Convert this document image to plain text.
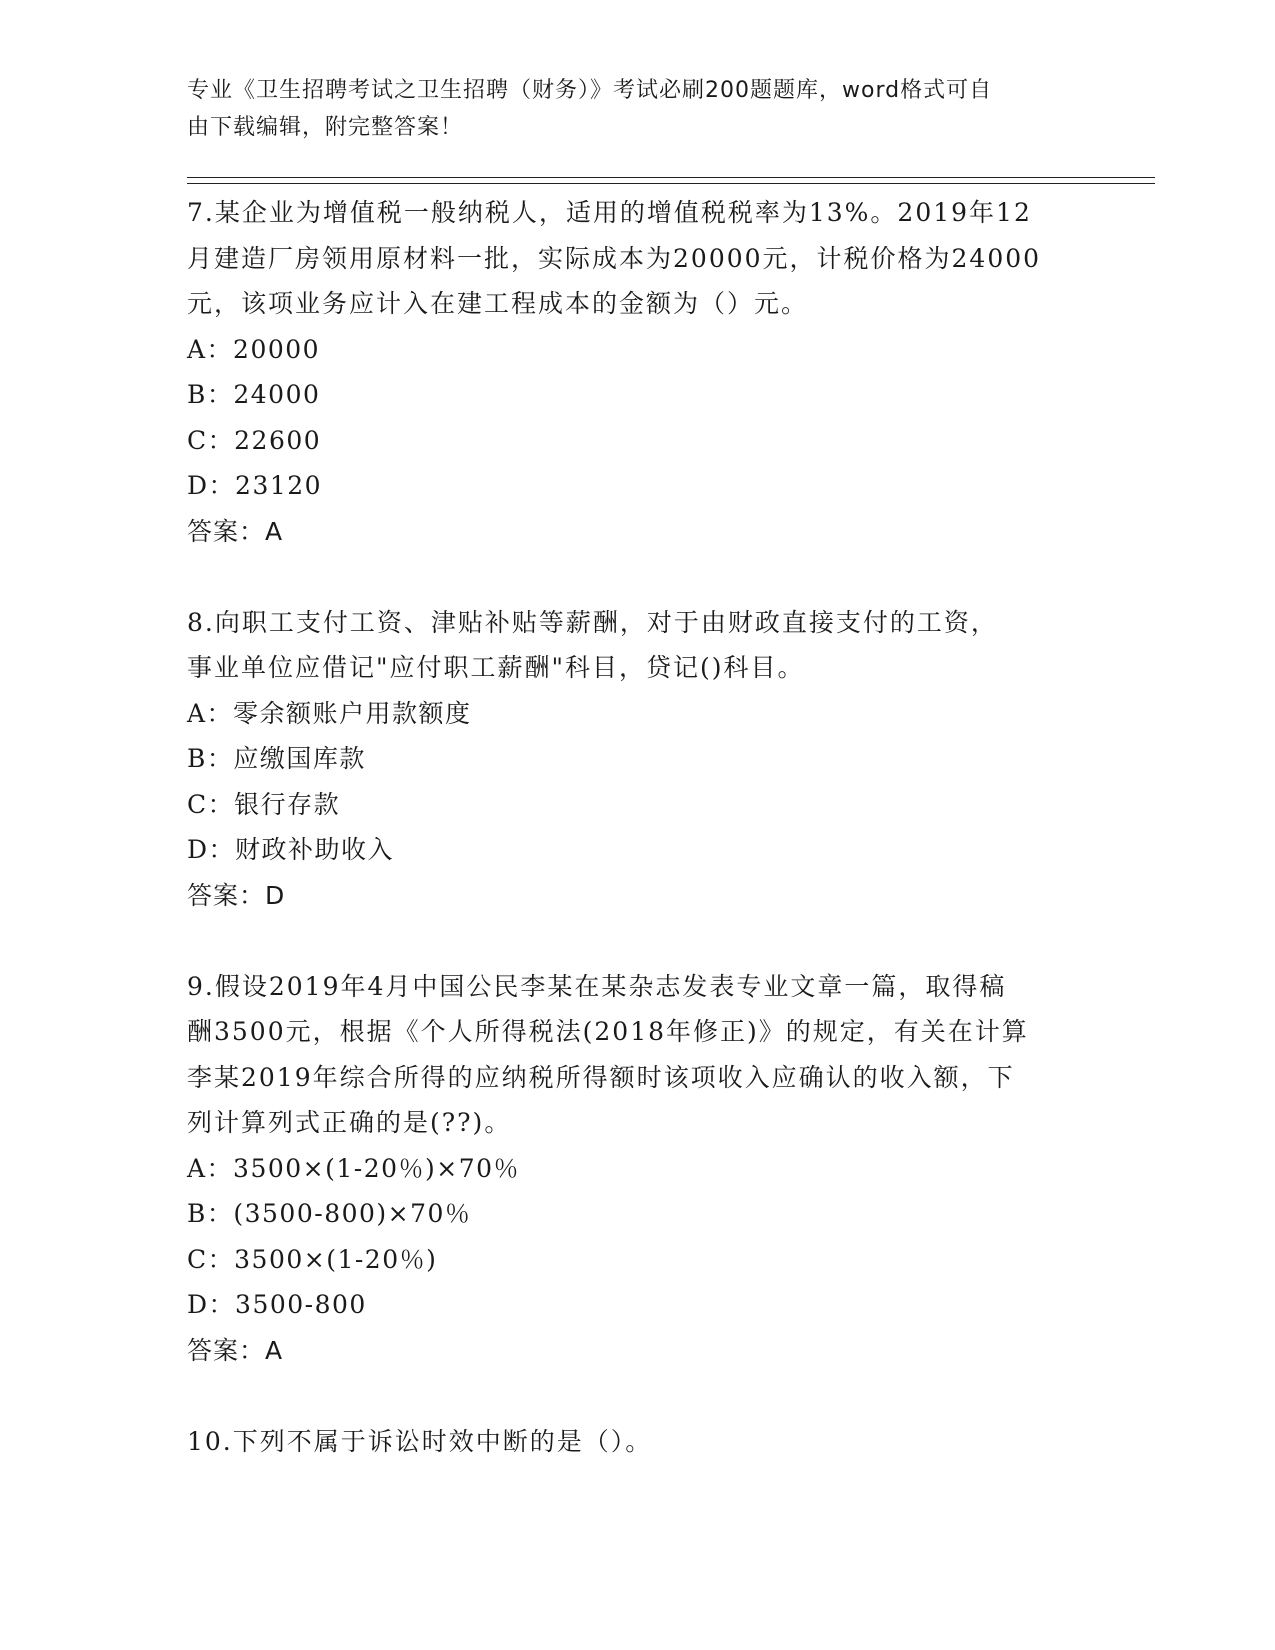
专业《卫生招聘考试之卫生招聘（财务）》考试必刷200题题库，word格式可自
由下载编辑，附完整答案！

7.某企业为增值税一般纳税人，适用的增值税税率为13%。2019年12

月建造厂房领用原材料一批，实际成本为20000元，计税价格为24000

元，该项业务应计入在建工程成本的金额为（）元。

A：20000

B：24000

C：22600

D：23120

答案：A

8.向职工支付工资、津贴补贴等薪酬，对于由财政直接支付的工资，

事业单位应借记"应付职工薪酬"科目，贷记()科目。

A：零余额账户用款额度

B：应缴国库款

C：银行存款

D：财政补助收入

答案：D

9.假设2019年4月中国公民李某在某杂志发表专业文章一篇，取得稿

酬3500元，根据《个人所得税法(2018年修正)》的规定，有关在计算

李某2019年综合所得的应纳税所得额时该项收入应确认的收入额，下

列计算列式正确的是(??)。

A：3500×(1-20％)×70％

B：(3500-800)×70％

C：3500×(1-20％)

D：3500-800

答案：A

10.下列不属于诉讼时效中断的是（）。
